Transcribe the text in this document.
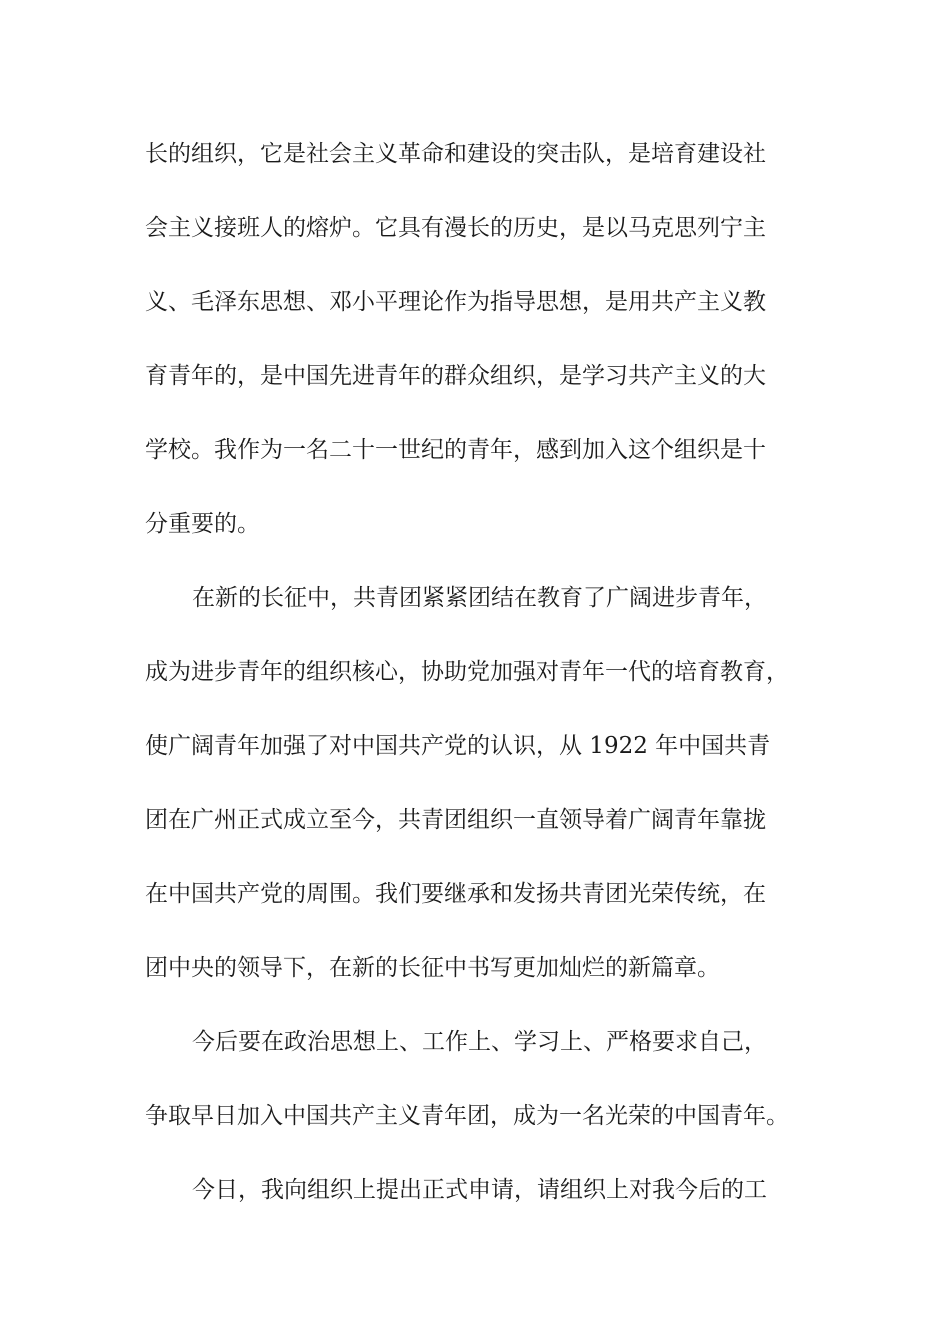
长的组织，它是社会主义革命和建设的突击队，是培育建设社
会主义接班人的熔炉。它具有漫长的历史，是以马克思列宁主
义、毛泽东思想、邓小平理论作为指导思想，是用共产主义教
育青年的，是中国先进青年的群众组织，是学习共产主义的大
学校。我作为一名二十一世纪的青年，感到加入这个组织是十
分重要的。
在新的长征中，共青团紧紧团结在教育了广阔进步青年，
成为进步青年的组织核心，协助党加强对青年一代的培育教育，
使广阔青年加强了对中国共产党的认识，从 1922 年中国共青
团在广州正式成立至今，共青团组织一直领导着广阔青年靠拢
在中国共产党的周围。我们要继承和发扬共青团光荣传统，在
团中央的领导下，在新的长征中书写更加灿烂的新篇章。
今后要在政治思想上、工作上、学习上、严格要求自己，
争取早日加入中国共产主义青年团，成为一名光荣的中国青年。
今日，我向组织上提出正式申请，请组织上对我今后的工
